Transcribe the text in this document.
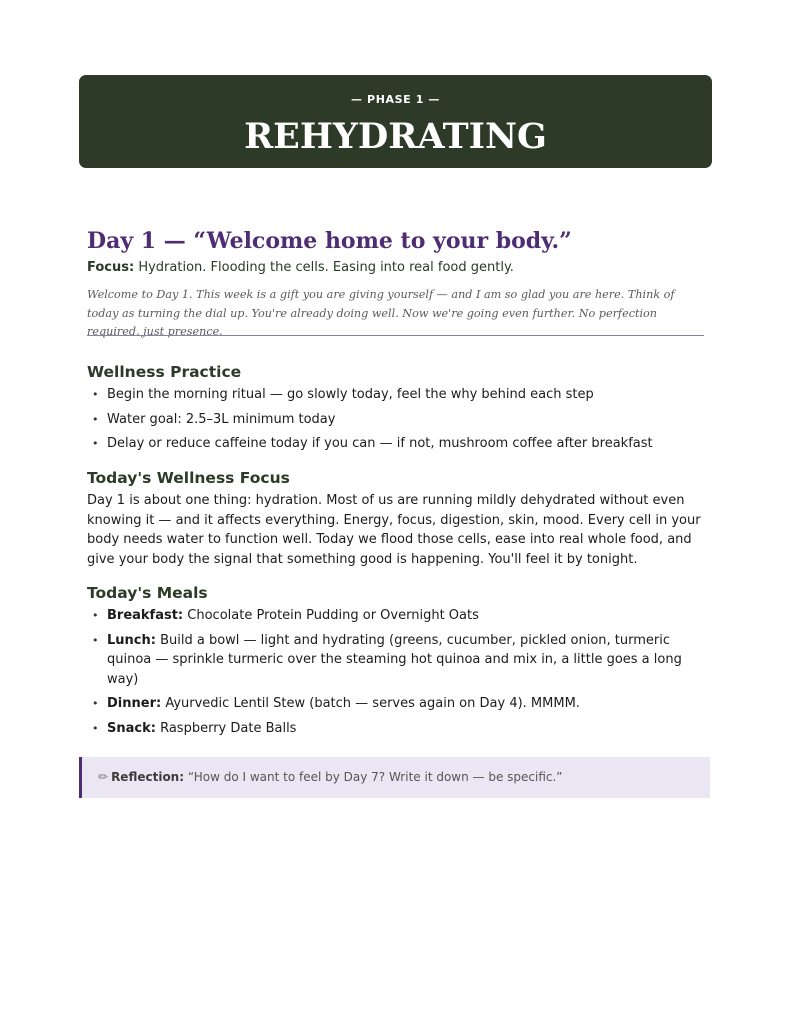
— PHASE 1 —
REHYDRATING
Day 1 — “Welcome home to your body.”
Focus: Hydration. Flooding the cells. Easing into real food gently.
Welcome to Day 1. This week is a gift you are giving yourself — and I am so glad you are here. Think of today as turning the dial up. You're already doing well. Now we're going even further. No perfection required, just presence.
Wellness Practice
• Begin the morning ritual — go slowly today, feel the why behind each step
• Water goal: 2.5–3L minimum today
• Delay or reduce caffeine today if you can — if not, mushroom coffee after breakfast
Today's Wellness Focus

Day 1 is about one thing: hydration. Most of us are running mildly dehydrated without even knowing it — and it affects everything. Energy, focus, digestion, skin, mood. Every cell in your body needs water to function well. Today we flood those cells, ease into real whole food, and give your body the signal that something good is happening. You'll feel it by tonight.

Today's Meals
• Breakfast: Chocolate Protein Pudding or Overnight Oats
• Lunch: Build a bowl — light and hydrating (greens, cucumber, pickled onion, turmeric quinoa — sprinkle turmeric over the steaming hot quinoa and mix in, a little goes a long way)
• Dinner: Ayurvedic Lentil Stew (batch — serves again on Day 4). MMMM.
• Snack: Raspberry Date Balls
✏ Reflection: “How do I want to feel by Day 7? Write it down — be specific.”
